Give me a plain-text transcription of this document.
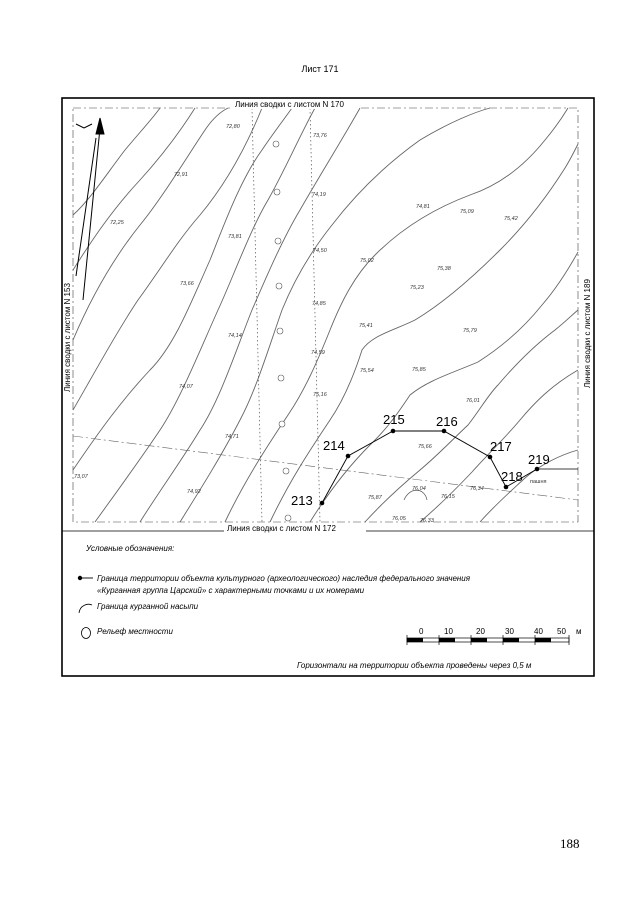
Лист 171
213
214
215 216
217
218
219
пашня
72,80
73,76
72,91
74,19
72,25
73,81
74,50
74,81
75,09
75,42
75,02
75,38
73,66
74,85
75,23
74,14
75,41
75,79
74,59
75,54	75,85
74,07
75,16
76,01
74,71
75,66
73,07
74,92
75,87
76,04
76,15
76,34
76,05	76,33
Линия сводки с листом N 170
Линия сводки с листом N 172
Линия сводки с листом N 153	Линия сводки с листом N 189
Условные обозначения:
Граница территории объекта культурного (археологического) наследия федерального значения
«Курганная группа Царский» с характерными точками и их номерами
Граница курганной насыпи
Рельеф местности	0	10	20	30	40 50 м
Горизонтали на территории объекта проведены через 0,5 м
188
